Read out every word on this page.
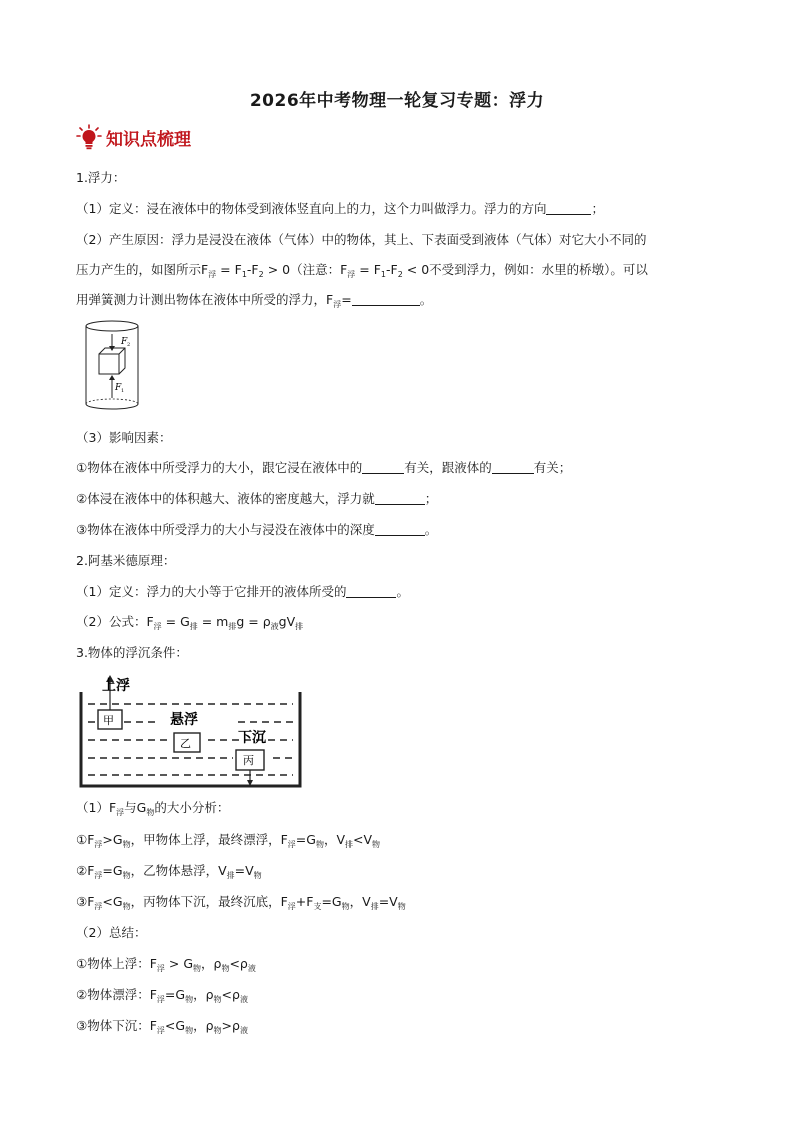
2026年中考物理一轮复习专题：浮力
知识点梳理
1.浮力：
（1）定义：浸在液体中的物体受到液体竖直向上的力，这个力叫做浮力。浮力的方向	；
（2）产生原因：浮力是浸没在液体（气体）中的物体，其上、下表面受到液体（气体）对它大小不同的
压力产生的，如图所示$F_浮 = F_1-F_2 > 0$（注意：$F_浮 = F_1-F_2 < 0$不受到浮力，例如：水里的桥墩）。可以
用弹簧测力计测出物体在液体中所受的浮力，$F_浮=$	。
F 2
F 1
（3）影响因素：
①物体在液体中所受浮力的大小，跟它浸在液体中的	有关，跟液体的	有关；
②体浸在液体中的体积越大、液体的密度越大，浮力就	；
③物体在液体中所受浮力的大小与浸没在液体中的深度	。
2.阿基米德原理：
（1）定义：浮力的大小等于它排开的液体所受的	。
（2）公式：$F_浮 = G_排 = m_排g = \rho_液gV_排$
3.物体的浮沉条件：
上浮
甲	悬浮
乙	下沉
丙
$(1)F_浮$与$G_物$的大小分析：
$①F_浮>G_物$，甲物体上浮，最终漂浮，$F_浮=G_物$，$V_排<V_物$
$②F_浮=G_物$，乙物体悬浮，$V_排=V_物$
$③F_浮<G_物$，丙物体下沉，最终沉底，$F_浮+F_支=G_物$，$V_排=V_物$
（2）总结：
①物体上浮：$F_浮 > G_物$，$\rho_物<\rho_液$
②物体漂浮：$F_浮=G_物$，$\rho_物<\rho_液$
③物体下沉：$F_浮<G_物$，$\rho_物>\rho_液$
